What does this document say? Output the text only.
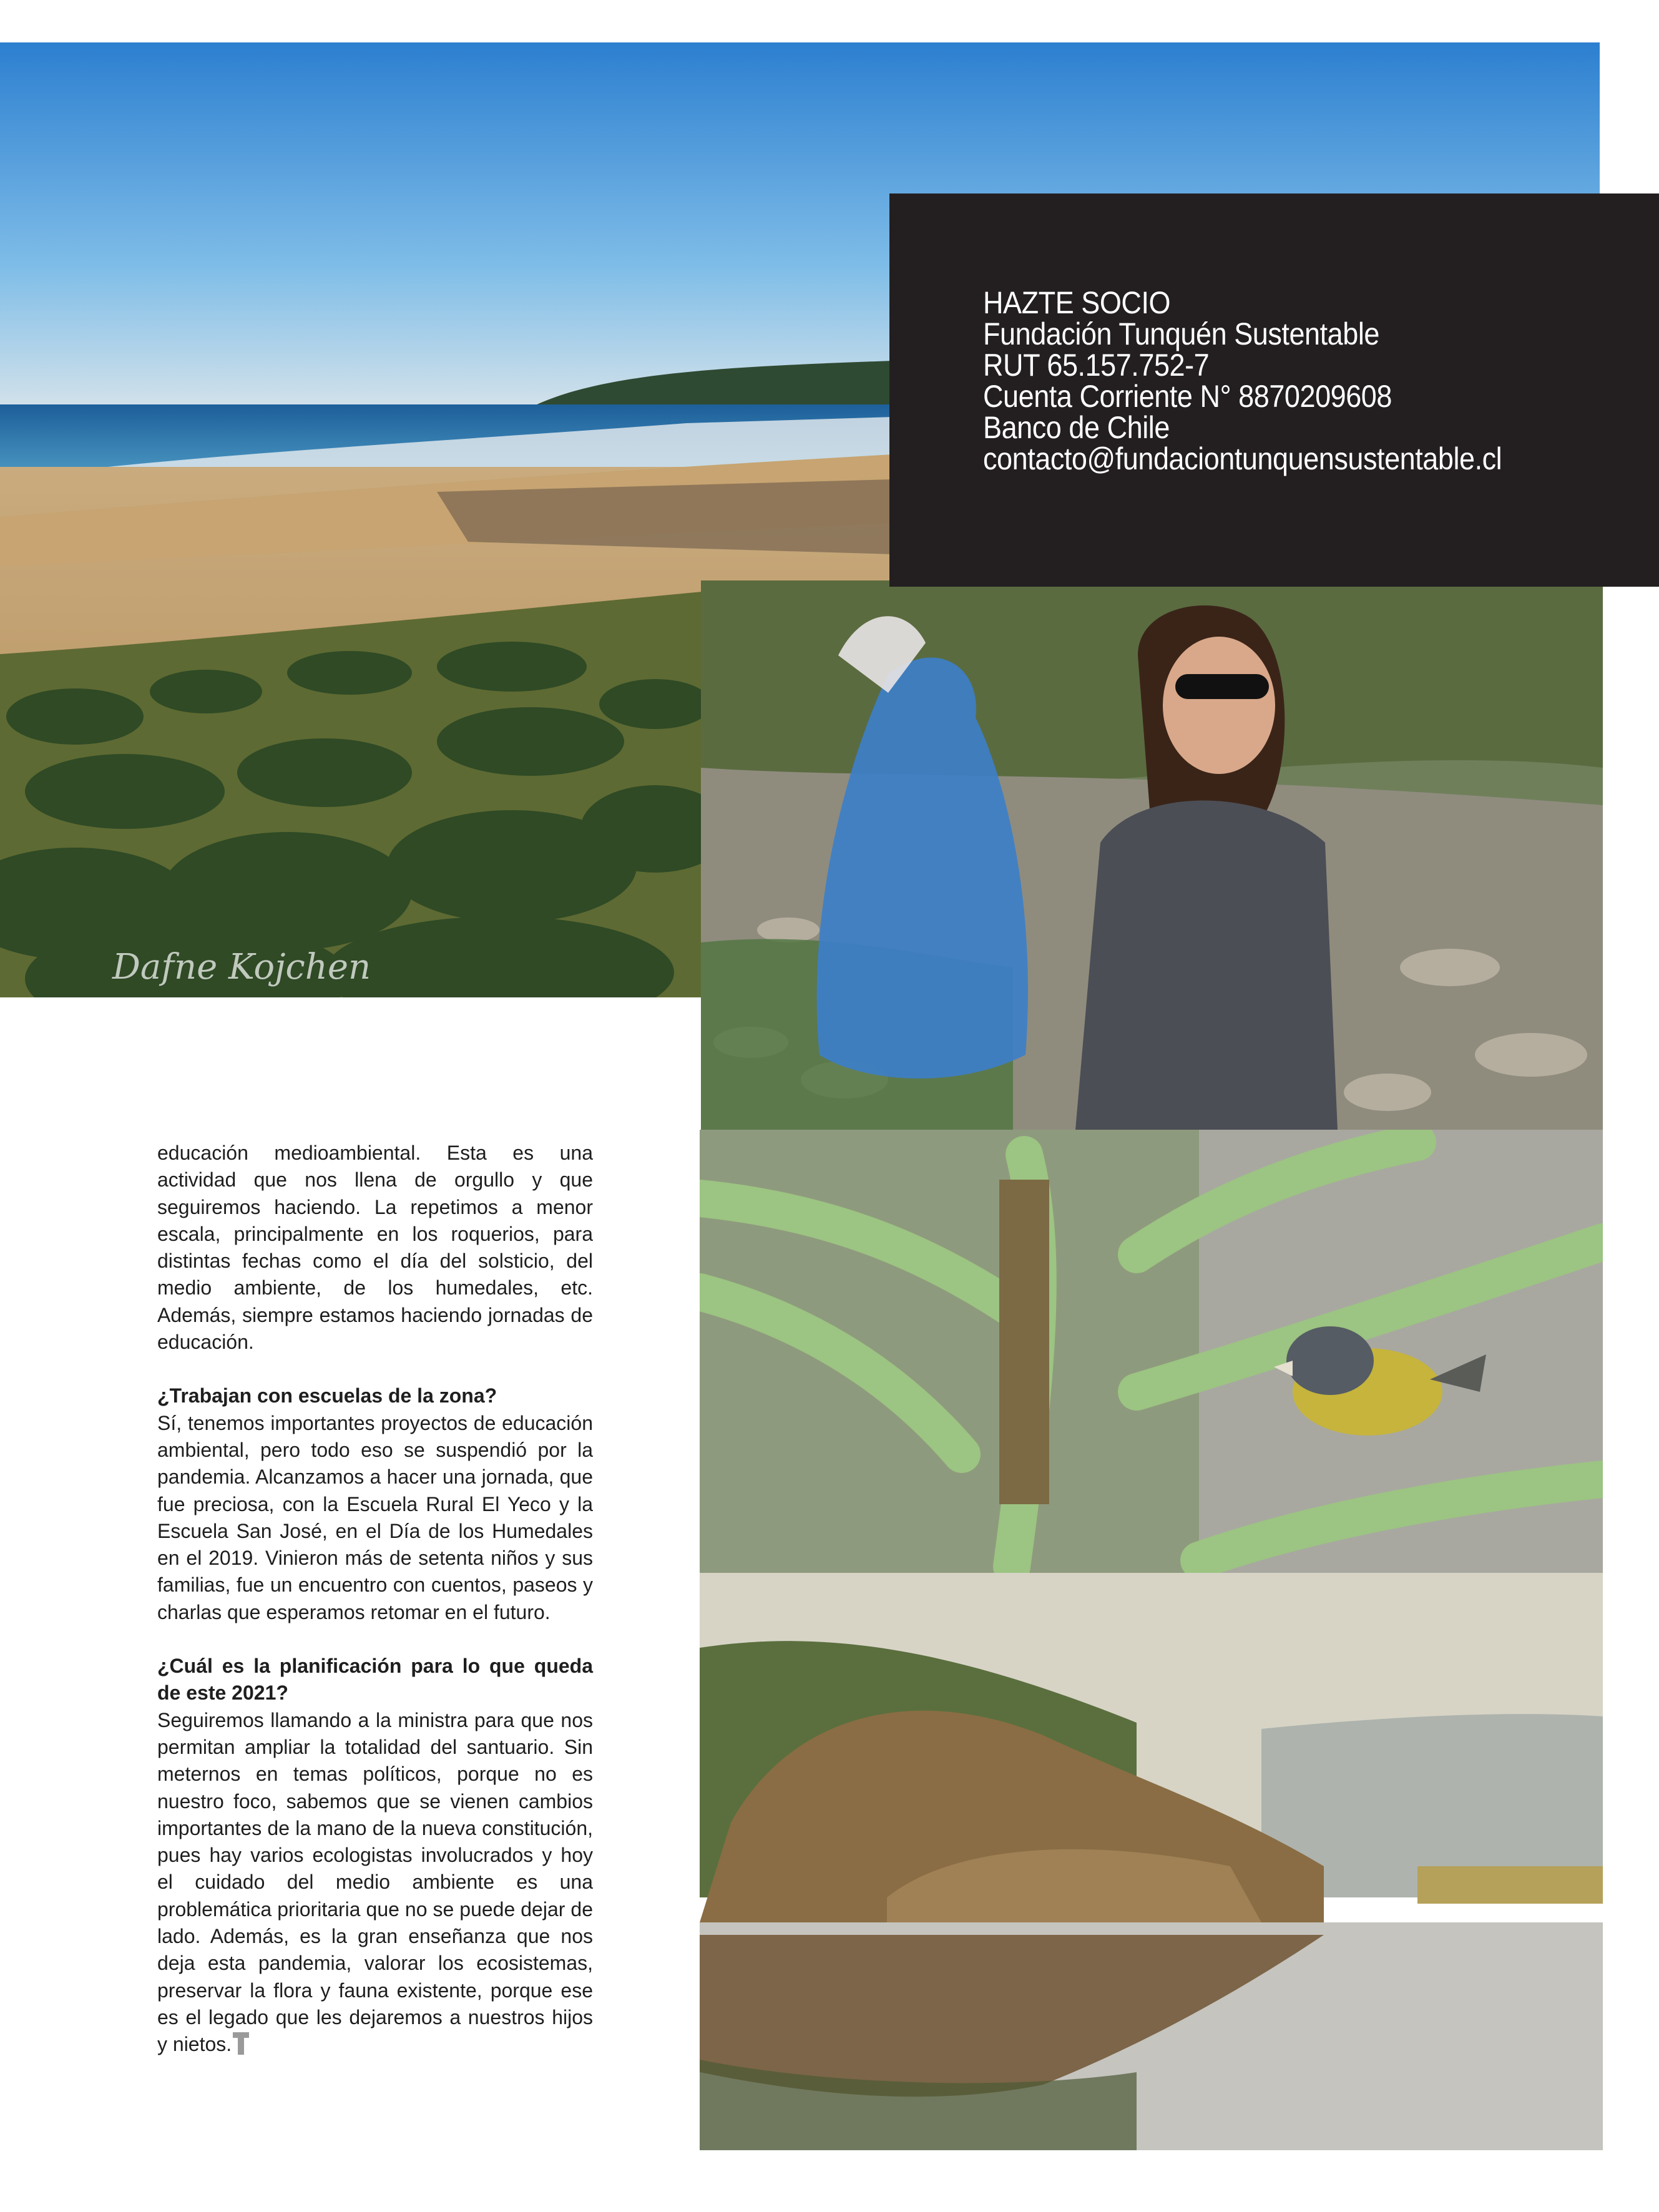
Dafne Kojchen
HAZTE SOCIO
Fundación Tunquén Sustentable
RUT 65.157.752-7
Cuenta Corriente N° 8870209608
Banco de Chile
contacto@fundaciontunquensustentable.cl

educación medioambiental. Esta es una actividad que nos llena de orgullo y que seguiremos haciendo. La repetimos a menor escala, principalmente en los roquerios, para distintas fechas como el día del solsticio, del medio ambiente, de los humedales, etc. Además, siempre estamos haciendo jornadas de educación.

¿Trabajan con escuelas de la zona?
Sí, tenemos importantes proyectos de educación ambiental, pero todo eso se suspendió por la pandemia. Alcanzamos a hacer una jornada, que fue preciosa, con la Escuela Rural El Yeco y la Escuela San José, en el Día de los Humedales en el 2019. Vinieron más de setenta niños y sus familias, fue un encuentro con cuentos, paseos y charlas que esperamos retomar en el futuro.

¿Cuál es la planificación para lo que queda de este 2021?
Seguiremos llamando a la ministra para que nos permitan ampliar la totalidad del santuario. Sin meternos en temas políticos, porque no es nuestro foco, sabemos que se vienen cambios importantes de la mano de la nueva constitución, pues hay varios ecologistas involucrados y hoy el cuidado del medio ambiente es una problemática prioritaria que no se puede dejar de lado. Además, es la gran enseñanza que nos deja esta pandemia, valorar los ecosistemas, preservar la flora y fauna existente, porque ese es el legado que les dejaremos a nuestros hijos y nietos.
